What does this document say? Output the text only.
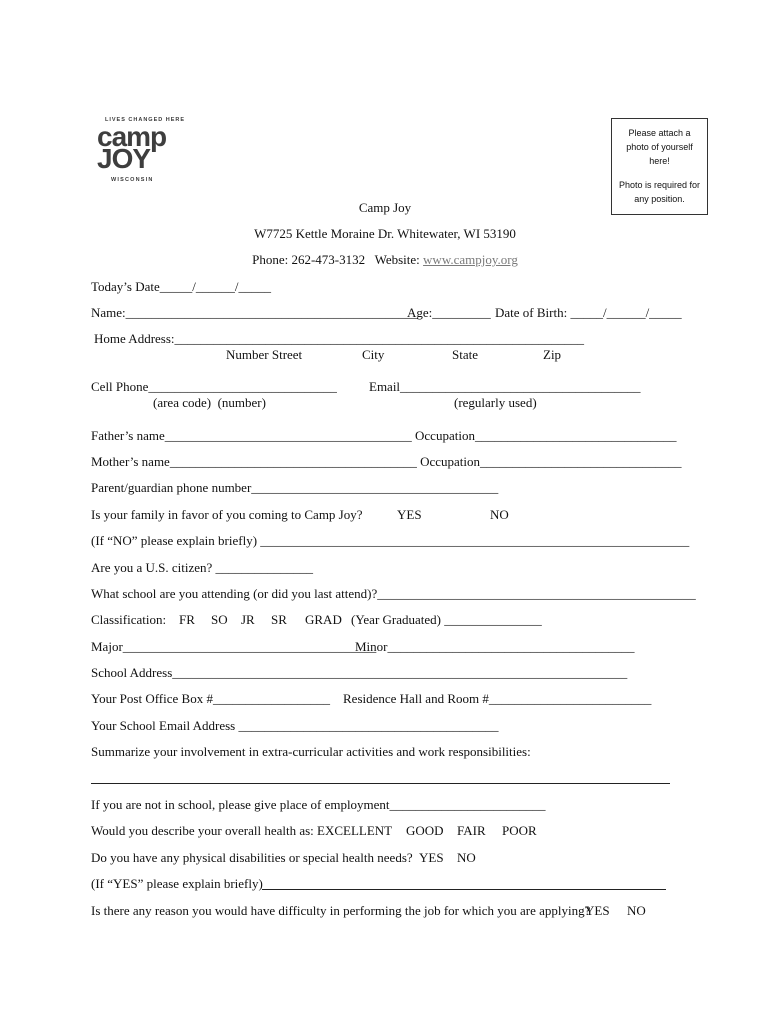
LIVES CHANGED HERE
camp
JOY
WISCONSIN
Please attach a photo of yourself here!
Photo is required for any position.
Camp Joy
W7725 Kettle Moraine Dr. Whitewater, WI 53190
Phone: 262-473-3132   Website: www.campjoy.org
Today’s Date_____/______/_____
Name:_____________________________________________
Age:_________ Date of Birth: _____/______/_____
Home Address:_______________________________________________________________
Number Street	City	State	Zip
Cell Phone_____________________________ Email_____________________________________
(area code)  (number)	(regularly used)
Father’s name______________________________________ Occupation_______________________________
Mother’s name______________________________________ Occupation_______________________________
Parent/guardian phone number______________________________________
Is your family in favor of you coming to Camp Joy?	YES	NO
(If “NO” please explain briefly) __________________________________________________________________
Are you a U.S. citizen? _______________
What school are you attending (or did you last attend)?_________________________________________________
Classification: FR SO JR SR GRAD (Year Graduated) _______________
Major_______________________________________
Minor______________________________________
School Address______________________________________________________________________
Your Post Office Box #__________________ Residence Hall and Room #_________________________
Your School Email Address ________________________________________
Summarize your involvement in extra-curricular activities and work responsibilities:
If you are not in school, please give place of employment________________________
Would you describe your overall health as: EXCELLENT GOOD FAIR POOR
Do you have any physical disabilities or special health needs? YES NO
(If “YES” please explain briefly)
Is there any reason you would have difficulty in performing the job for which you are applying?
YES NO
